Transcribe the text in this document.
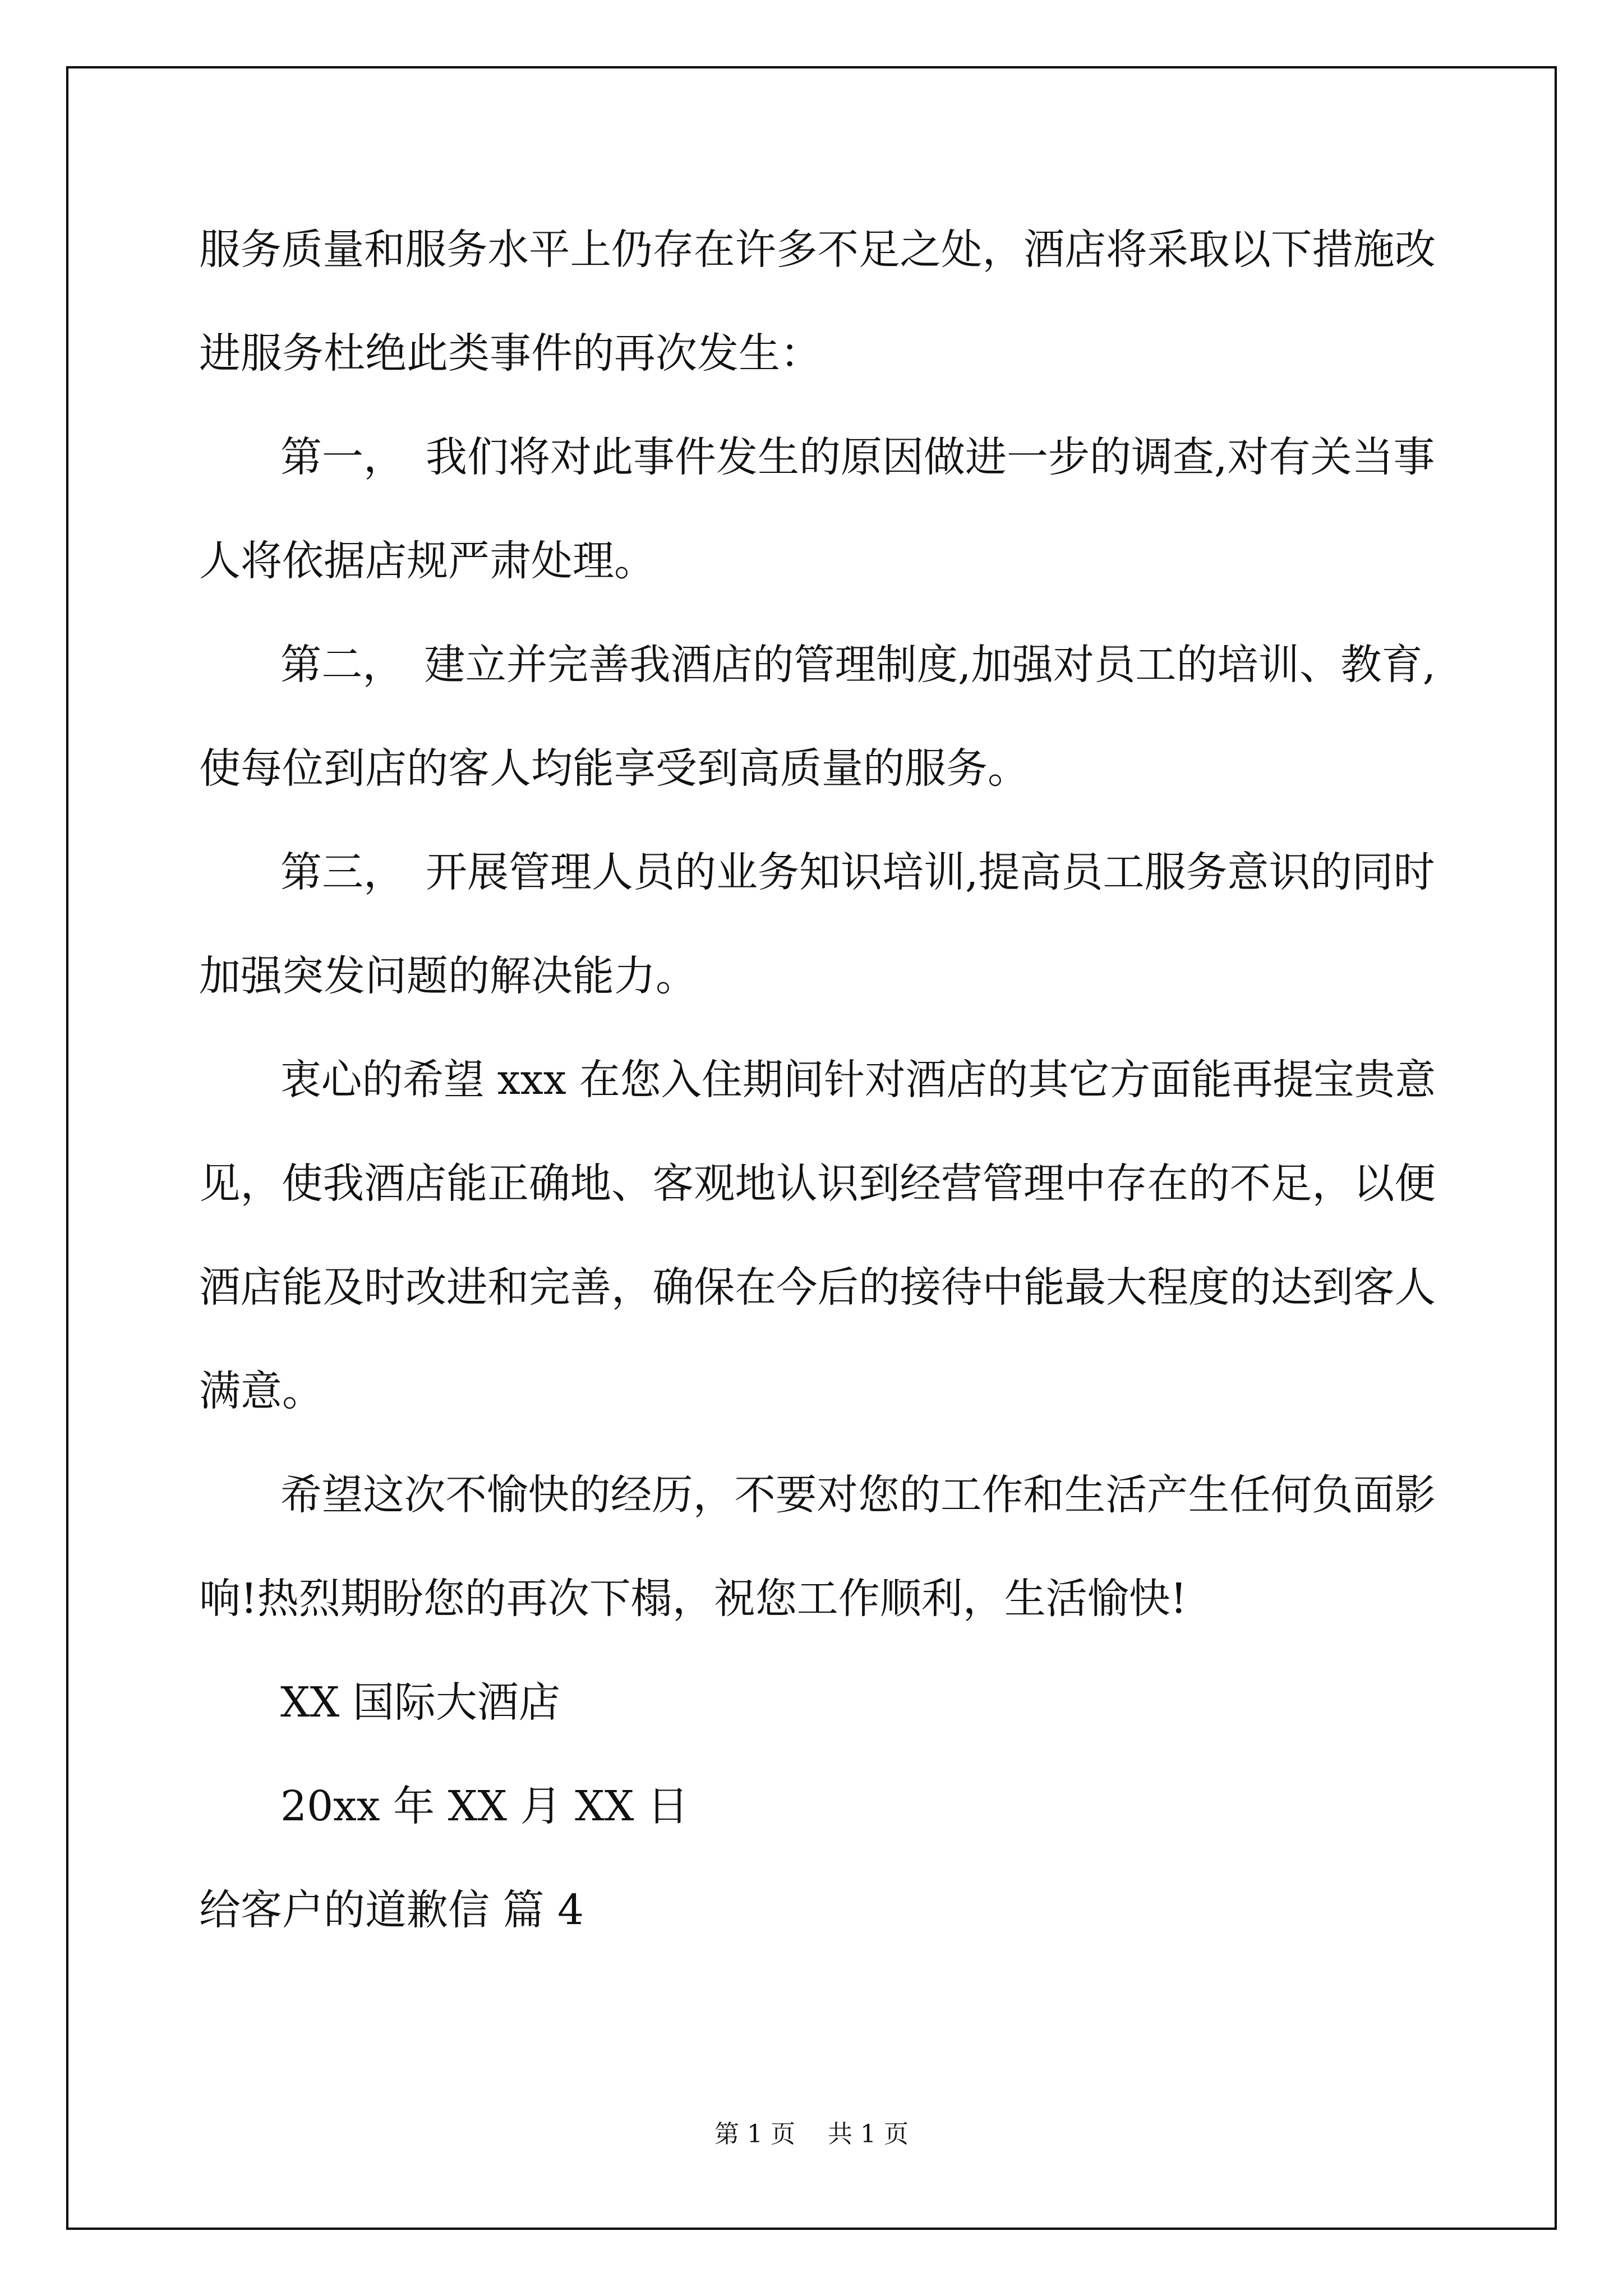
服务质量和服务水平上仍存在许多不足之处，酒店将采取以下措施改
进服务杜绝此类事件的再次发生：
第一，　我们将对此事件发生的原因做进一步的调查,对有关当事
人将依据店规严肃处理。
第二，　建立并完善我酒店的管理制度,加强对员工的培训、教育,
使每位到店的客人均能享受到高质量的服务。
第三，　开展管理人员的业务知识培训,提高员工服务意识的同时
加强突发问题的解决能力。
衷心的希望 xxx 在您入住期间针对酒店的其它方面能再提宝贵意
见，使我酒店能正确地、客观地认识到经营管理中存在的不足，以便
酒店能及时改进和完善，确保在今后的接待中能最大程度的达到客人
满意。
希望这次不愉快的经历，不要对您的工作和生活产生任何负面影
响!热烈期盼您的再次下榻，祝您工作顺利，生活愉快!
XX 国际大酒店
20xx 年 XX 月 XX 日
给客户的道歉信 篇 4
第 1 页　 共 1 页
